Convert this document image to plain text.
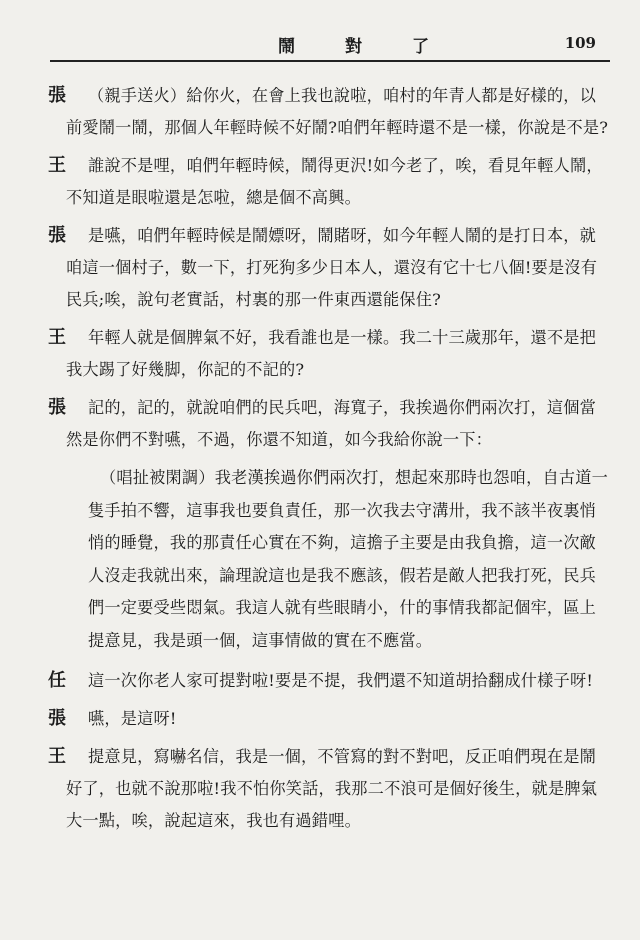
鬧對了	109
張	（親手送火）給你火，在會上我也說啦，咱村的年青人都是好樣的，以前愛鬧一鬧，那個人年輕時候不好鬧?咱們年輕時還不是一樣，你說是不是?
王	誰說不是哩，咱們年輕時候，鬧得更沢!如今老了，唉，看見年輕人鬧，不知道是眼啦還是怎啦，總是個不高興。
張	是嚥，咱們年輕時候是鬧嫖呀，鬧賭呀，如今年輕人鬧的是打日本，就咱這一個村子，數一下，打死狗多少日本人，還沒有它十七八個!要是沒有民兵;唉，說句老實話，村裏的那一件東西還能保住?
王	年輕人就是個脾氣不好，我看誰也是一樣。我二十三歲那年，還不是把我大踢了好幾脚，你記的不記的?
張	記的，記的，就說咱們的民兵吧，海寬子，我挨過你們兩次打，這個當然是你們不對嚥，不過，你還不知道，如今我給你說一下：
（唱扯被閑調）我老漢挨過你們兩次打，想起來那時也怨咱，自古道一隻手拍不響，這事我也要負責任，那一次我去守溝卅，我不該半夜裏悄悄的睡覺，我的那責任心實在不夠，這擔子主要是由我負擔，這一次敵人沒走我就出來，論理說這也是我不應該，假若是敵人把我打死，民兵們一定要受些悶氣。我這人就有些眼睛小，什的事情我都記個牢，區上提意見，我是頭一個，這事情做的實在不應當。
任	這一次你老人家可提對啦!要是不提，我們還不知道胡拾翻成什樣子呀!
張	嚥，是這呀!
王	提意見，寫嚇名信，我是一個，不管寫的對不對吧，反正咱們現在是鬧好了，也就不說那啦!我不怕你笑話，我那二不浪可是個好後生，就是脾氣大一點，唉，說起這來，我也有過錯哩。
